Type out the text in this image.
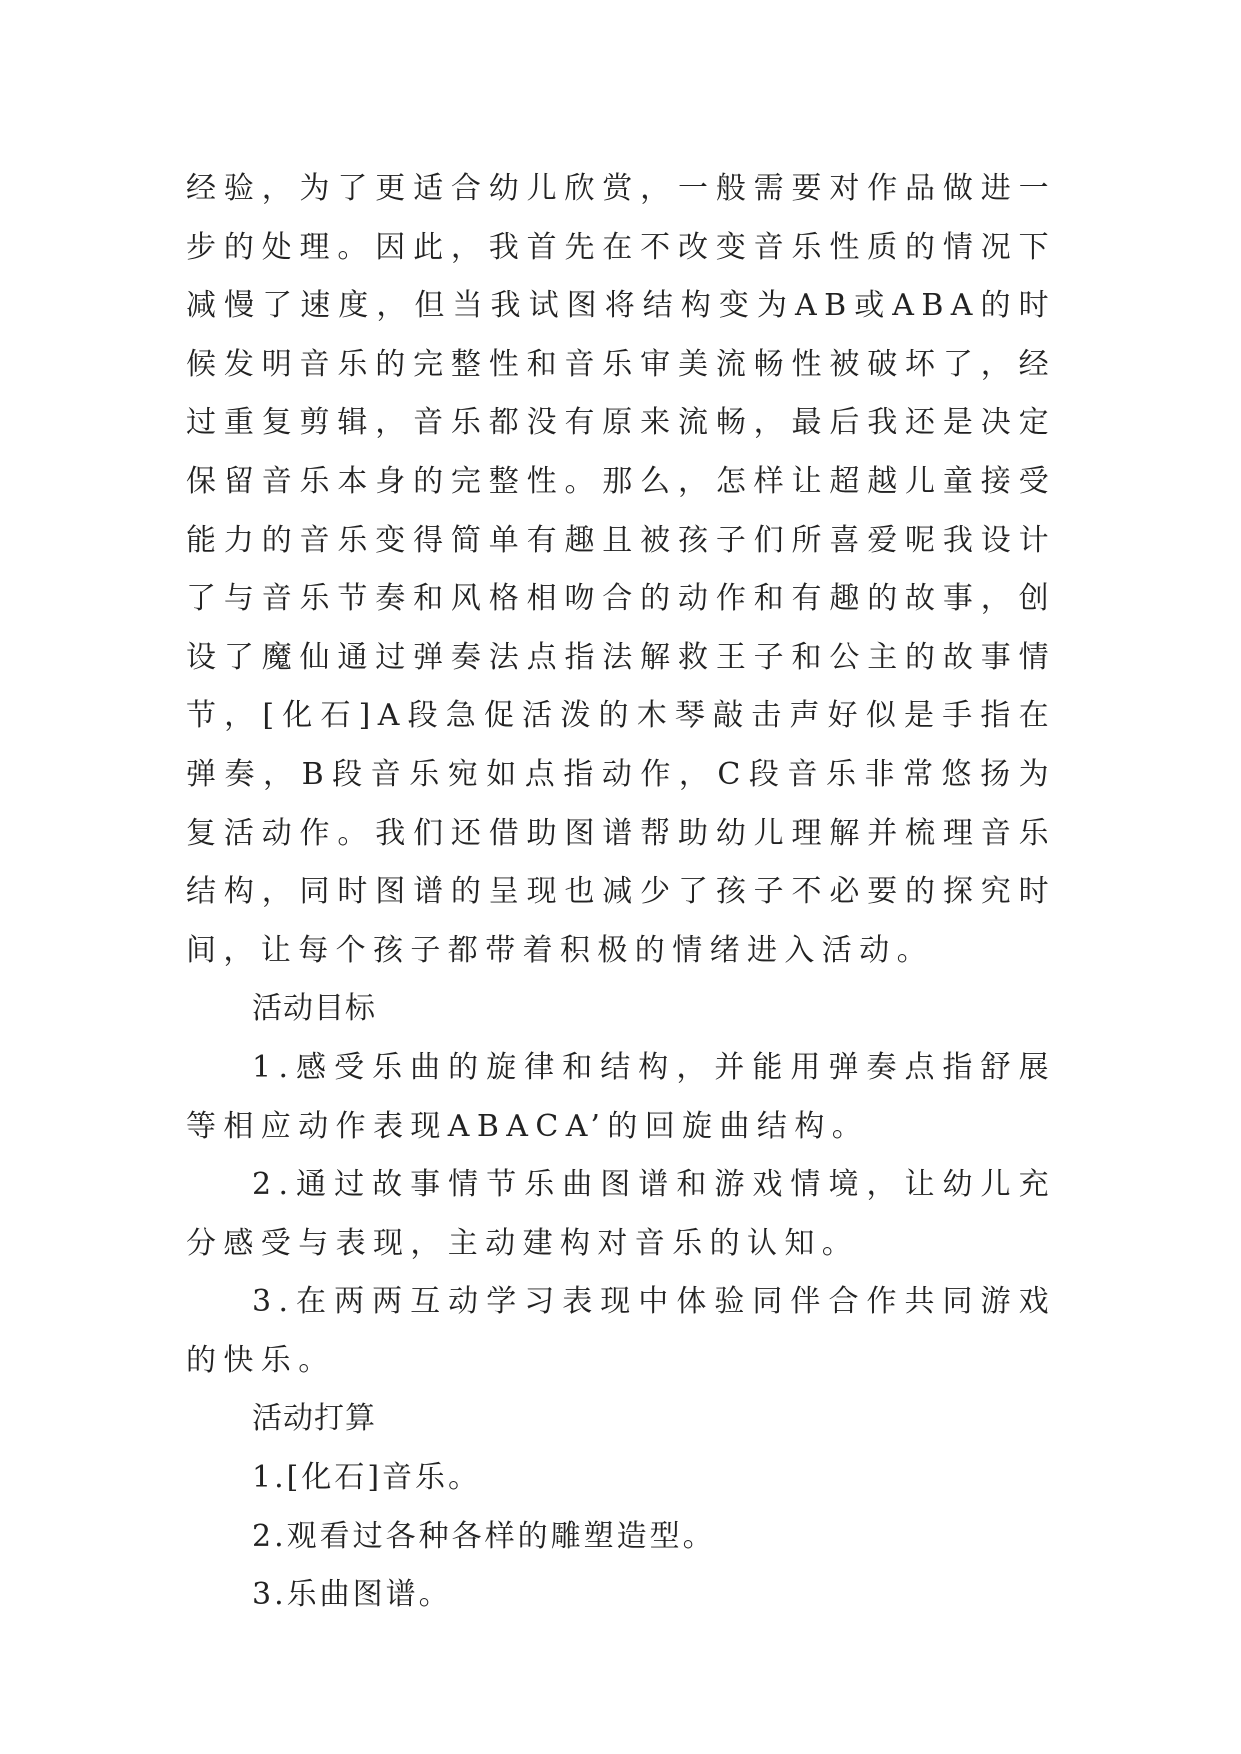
经验，为了更适合幼儿欣赏，一般需要对作品做进一步的处理。因此，我首先在不改变音乐性质的情况下减慢了速度，但当我试图将结构变为AB或ABA的时候发明音乐的完整性和音乐审美流畅性被破坏了，经过重复剪辑，音乐都没有原来流畅，最后我还是决定保留音乐本身的完整性。那么，怎样让超越儿童接受能力的音乐变得简单有趣且被孩子们所喜爱呢我设计了与音乐节奏和风格相吻合的动作和有趣的故事，创设了魔仙通过弹奏法点指法解救王子和公主的故事情节，[化石]A段急促活泼的木琴敲击声好似是手指在弹奏，B段音乐宛如点指动作，C段音乐非常悠扬为复活动作。我们还借助图谱帮助幼儿理解并梳理音乐结构，同时图谱的呈现也减少了孩子不必要的探究时间，让每个孩子都带着积极的情绪进入活动。

活动目标

1.感受乐曲的旋律和结构，并能用弹奏点指舒展等相应动作表现ABACA’的回旋曲结构。

2.通过故事情节乐曲图谱和游戏情境，让幼儿充分感受与表现，主动建构对音乐的认知。

3.在两两互动学习表现中体验同伴合作共同游戏的快乐。

活动打算

1.[化石]音乐。

2.观看过各种各样的雕塑造型。

3.乐曲图谱。
